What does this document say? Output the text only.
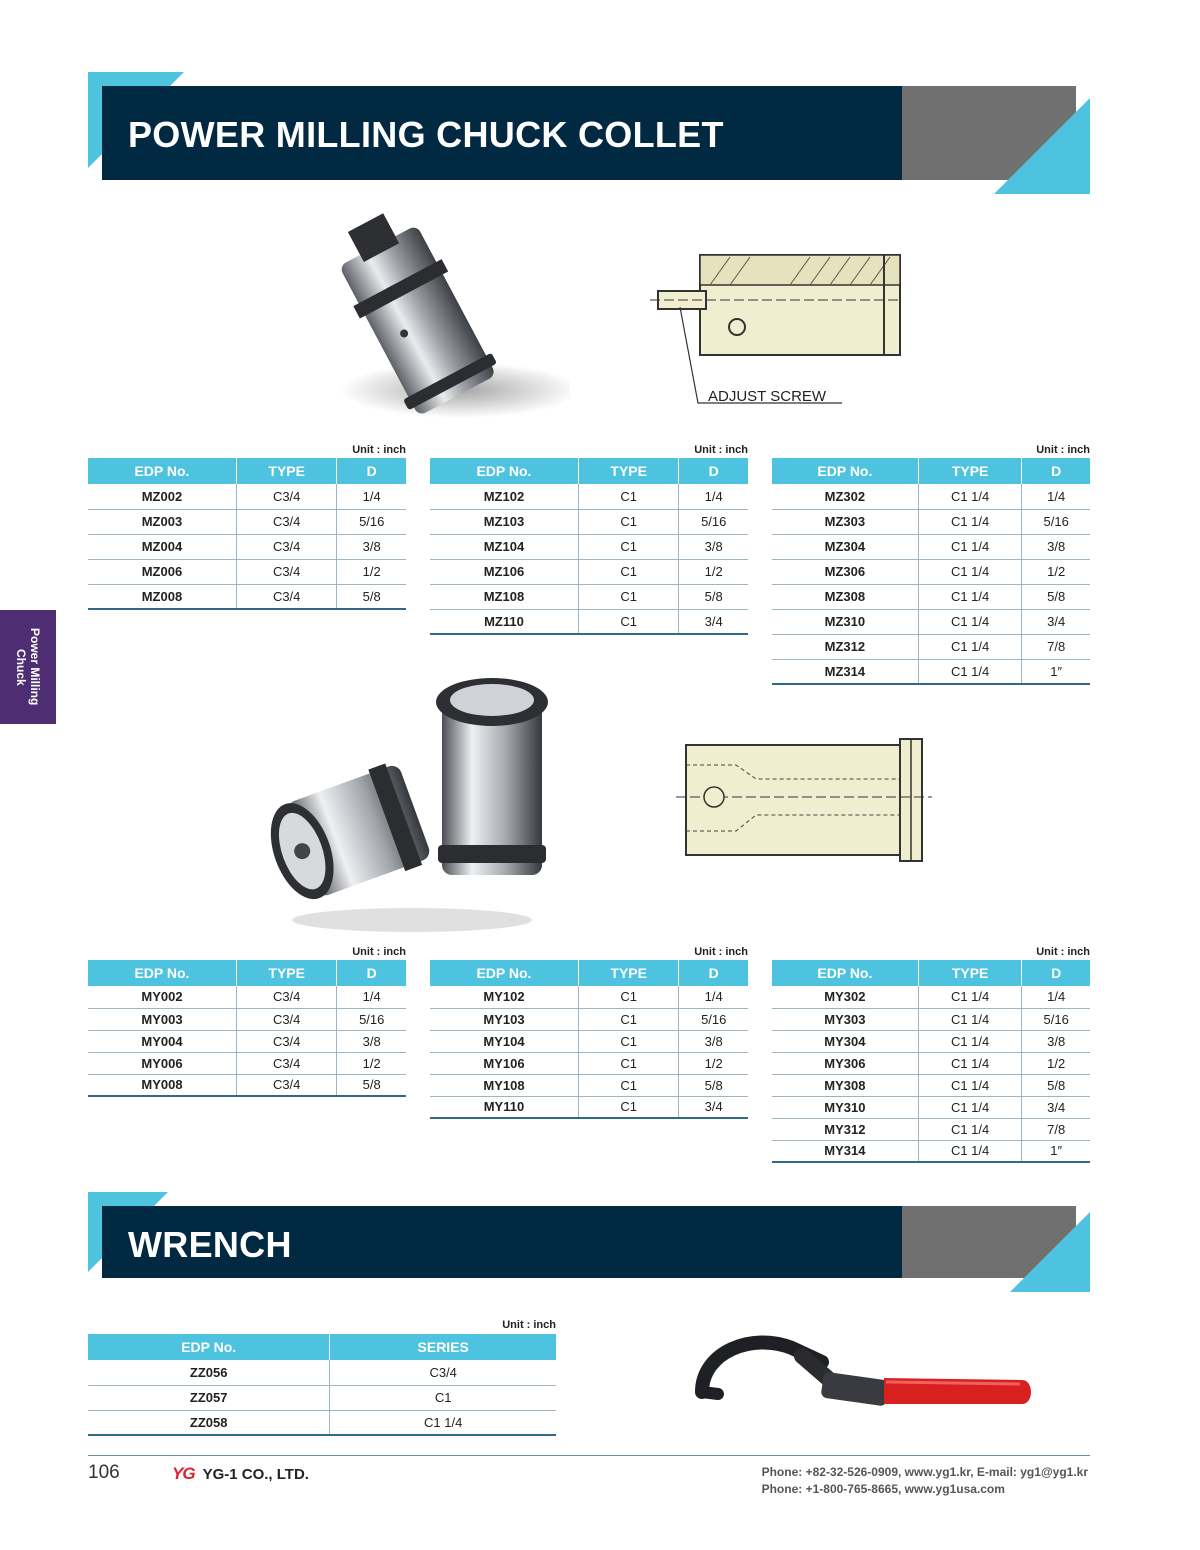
POWER MILLING CHUCK COLLET
Power Milling Chuck
ADJUST SCREW
Unit : inch
EDP No.	TYPE	D
MZ002	C3/4	1/4
MZ003	C3/4	5/16
MZ004	C3/4	3/8
MZ006	C3/4	1/2
MZ008	C3/4	5/8
Unit : inch
EDP No.	TYPE	D
MZ102	C1	1/4
MZ103	C1	5/16
MZ104	C1	3/8
MZ106	C1	1/2
MZ108	C1	5/8
MZ110	C1	3/4
Unit : inch
EDP No.	TYPE	D
MZ302	C1 1/4	1/4
MZ303	C1 1/4	5/16
MZ304	C1 1/4	3/8
MZ306	C1 1/4	1/2
MZ308	C1 1/4	5/8
MZ310	C1 1/4	3/4
MZ312	C1 1/4	7/8
MZ314	C1 1/4	1″
Unit : inch
EDP No.	TYPE	D
MY002	C3/4	1/4
MY003	C3/4	5/16
MY004	C3/4	3/8
MY006	C3/4	1/2
MY008	C3/4	5/8
Unit : inch
EDP No.	TYPE	D
MY102	C1	1/4
MY103	C1	5/16
MY104	C1	3/8
MY106	C1	1/2
MY108	C1	5/8
MY110	C1	3/4
Unit : inch
EDP No.	TYPE	D
MY302	C1 1/4	1/4
MY303	C1 1/4	5/16
MY304	C1 1/4	3/8
MY306	C1 1/4	1/2
MY308	C1 1/4	5/8
MY310	C1 1/4	3/4
MY312	C1 1/4	7/8
MY314	C1 1/4	1″
WRENCH
Unit : inch
EDP No.	SERIES
ZZ056	C3/4
ZZ057	C1
ZZ058	C1 1/4
106	YG YG-1 CO., LTD.	Phone: +82-32-526-0909, www.yg1.kr, E-mail: yg1@yg1.kr
Phone: +1-800-765-8665, www.yg1usa.com
